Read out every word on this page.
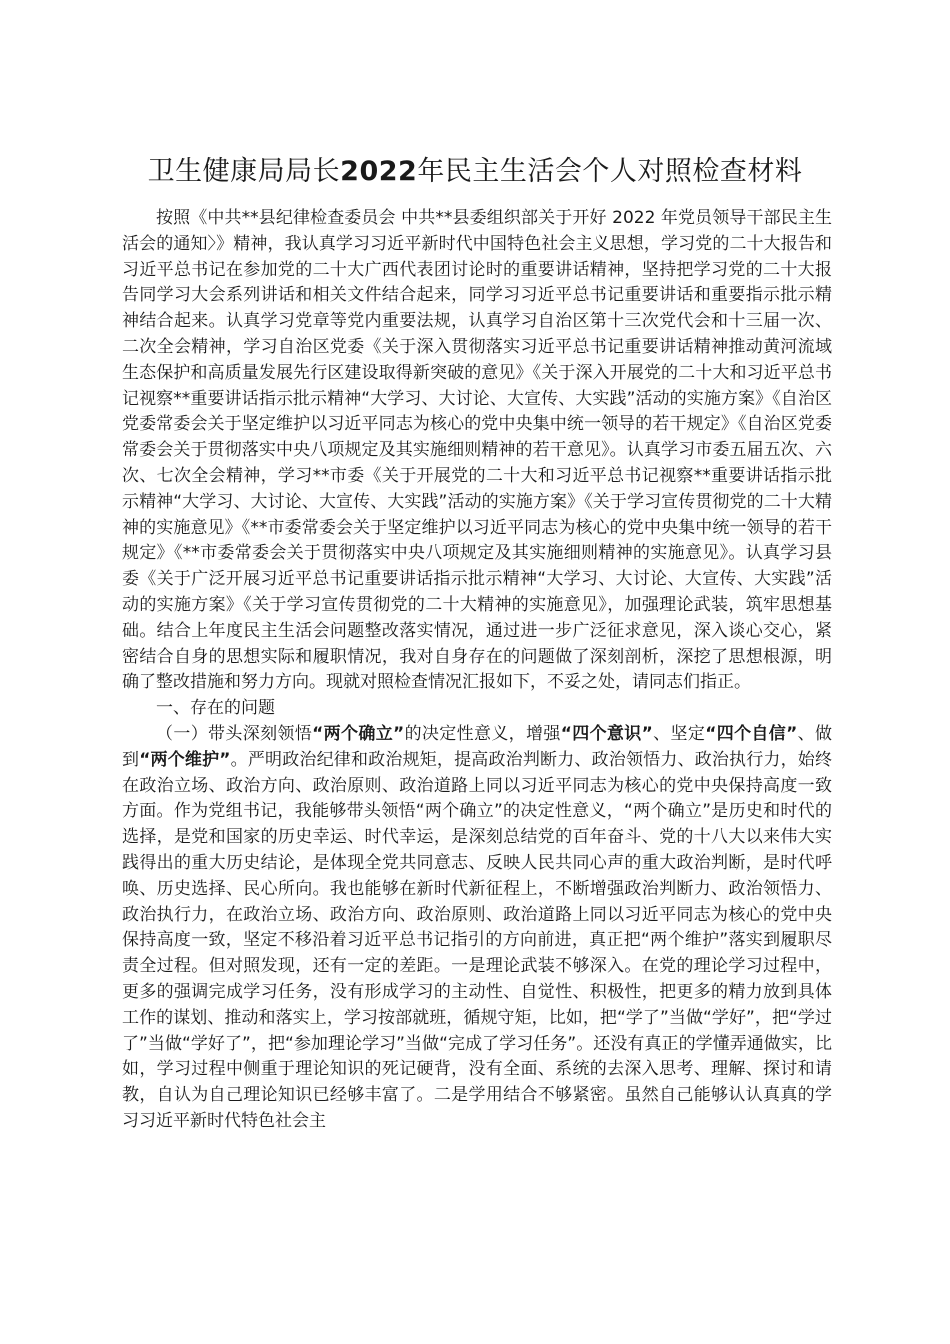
卫生健康局局长2022年民主生活会个人对照检查材料

按照《中共**县纪律检查委员会 中共**县委组织部关于开好 2022 年党员领导干部民主生活会的通知〉》精神，我认真学习习近平新时代中国特色社会主义思想，学习党的二十大报告和习近平总书记在参加党的二十大广西代表团讨论时的重要讲话精神，坚持把学习党的二十大报告同学习大会系列讲话和相关文件结合起来，同学习习近平总书记重要讲话和重要指示批示精神结合起来。认真学习党章等党内重要法规，认真学习自治区第十三次党代会和十三届一次、二次全会精神，学习自治区党委《关于深入贯彻落实习近平总书记重要讲话精神推动黄河流域生态保护和高质量发展先行区建设取得新突破的意见》《关于深入开展党的二十大和习近平总书记视察**重要讲话指示批示精神“大学习、大讨论、大宣传、大实践”活动的实施方案》《自治区党委常委会关于坚定维护以习近平同志为核心的党中央集中统一领导的若干规定》《自治区党委常委会关于贯彻落实中央八项规定及其实施细则精神的若干意见》。认真学习市委五届五次、六次、七次全会精神，学习**市委《关于开展党的二十大和习近平总书记视察**重要讲话指示批示精神“大学习、大讨论、大宣传、大实践”活动的实施方案》《关于学习宣传贯彻党的二十大精神的实施意见》《**市委常委会关于坚定维护以习近平同志为核心的党中央集中统一领导的若干规定》《**市委常委会关于贯彻落实中央八项规定及其实施细则精神的实施意见》。认真学习县委《关于广泛开展习近平总书记重要讲话指示批示精神“大学习、大讨论、大宣传、大实践”活动的实施方案》《关于学习宣传贯彻党的二十大精神的实施意见》，加强理论武装，筑牢思想基础。结合上年度民主生活会问题整改落实情况，通过进一步广泛征求意见，深入谈心交心，紧密结合自身的思想实际和履职情况，我对自身存在的问题做了深刻剖析，深挖了思想根源，明确了整改措施和努力方向。现就对照检查情况汇报如下，不妥之处，请同志们指正。

一、存在的问题

（一）带头深刻领悟“两个确立”的决定性意义，增强“四个意识”、坚定“四个自信”、做到“两个维护”。严明政治纪律和政治规矩，提高政治判断力、政治领悟力、政治执行力，始终在政治立场、政治方向、政治原则、政治道路上同以习近平同志为核心的党中央保持高度一致方面。作为党组书记，我能够带头领悟“两个确立”的决定性意义，“两个确立”是历史和时代的选择，是党和国家的历史幸运、时代幸运，是深刻总结党的百年奋斗、党的十八大以来伟大实践得出的重大历史结论，是体现全党共同意志、反映人民共同心声的重大政治判断，是时代呼唤、历史选择、民心所向。我也能够在新时代新征程上，不断增强政治判断力、政治领悟力、政治执行力，在政治立场、政治方向、政治原则、政治道路上同以习近平同志为核心的党中央保持高度一致，坚定不移沿着习近平总书记指引的方向前进，真正把“两个维护”落实到履职尽责全过程。但对照发现，还有一定的差距。一是理论武装不够深入。在党的理论学习过程中，更多的强调完成学习任务，没有形成学习的主动性、自觉性、积极性，把更多的精力放到具体工作的谋划、推动和落实上，学习按部就班，循规守矩，比如，把“学了”当做“学好”，把“学过了”当做“学好了”，把“参加理论学习”当做“完成了学习任务”。还没有真正的学懂弄通做实，比如，学习过程中侧重于理论知识的死记硬背，没有全面、系统的去深入思考、理解、探讨和请教，自认为自己理论知识已经够丰富了。二是学用结合不够紧密。虽然自己能够认认真真的学习习近平新时代特色社会主
